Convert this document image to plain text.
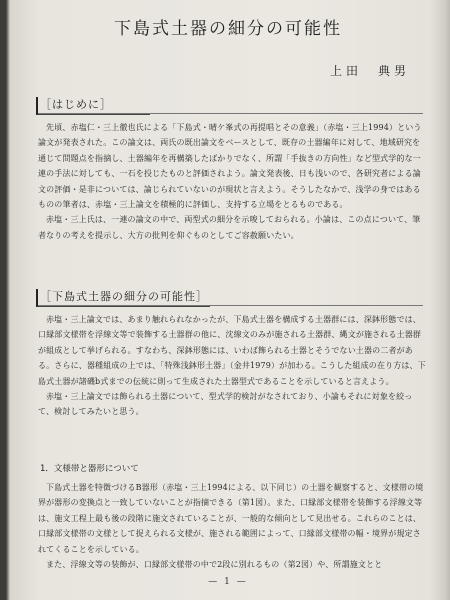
下島式土器の細分の可能性
上田　典男
［はじめに］

先頃、赤塩仁・三上徹也氏による「下島式・晴ケ峯式の再提唱とその意義」（赤塩・三上1994）という論文が発表された。この論文は、両氏の既出論文をベースとして、既存の土器編年に対して、地域研究を通じて問題点を指摘し、土器編年を再構築したばかりでなく、所謂「手抜きの方向性」など型式学的な一連の手法に対しても、一石を投じたものと評価されよう。論文発表後、日も浅いので、各研究者による論文の評価・是非については、論じられていないのが現状と言えよう。そうしたなかで、浅学の身ではあるものの筆者は、赤塩・三上論文を積極的に評価し、支持する立場をとるものである。

赤塩・三上氏は、一連の論文の中で、両型式の細分を示唆しておられる。小論は、この点について、筆者なりの考えを提示し、大方の批判を仰ぐものとしてご容赦願いたい。

［下島式土器の細分の可能性］

赤塩・三上論文では、あまり触れられなかったが、下島式土器を構成する土器群には、深鉢形態では、口縁部文様帯を浮線文等で装飾する土器群の他に、沈線文のみが施される土器群、縄文が施される土器群が組成として挙げられる。すなわち、深鉢形態には、いわば飾られる土器とそうでない土器の二者がある。さらに、器種組成の上では、「特殊浅鉢形土器」（金井1979）が加わる。こうした組成の在り方は、下島式土器が諸磯b式までの伝統に則って生成された土器型式であることを示していると言えよう。

赤塩・三上論文では飾られる土器について、型式学的検討がなされており、小論もそれに対象を絞って、検討してみたいと思う。

1．文様帯と器形について

下島式土器を特徴づけるB器形（赤塩・三上1994による、以下同じ）の土器を観察すると、文様帯の境界が器形の変換点と一致していないことが指摘できる（第1図）。また、口縁部文様帯を装飾する浮線文等は、施文工程上最も後の段階に施文されていることが、一般的な傾向として見出せる。これらのことは、口縁部文様帯の文様として捉えられる文様が、施される範囲によって、口縁部文様帯の幅・境界が規定されてくることを示している。

また、浮線文等の装飾が、口縁部文様帯の中で2段に別れるもの（第2図）や、所謂施文とと

— 1 —
